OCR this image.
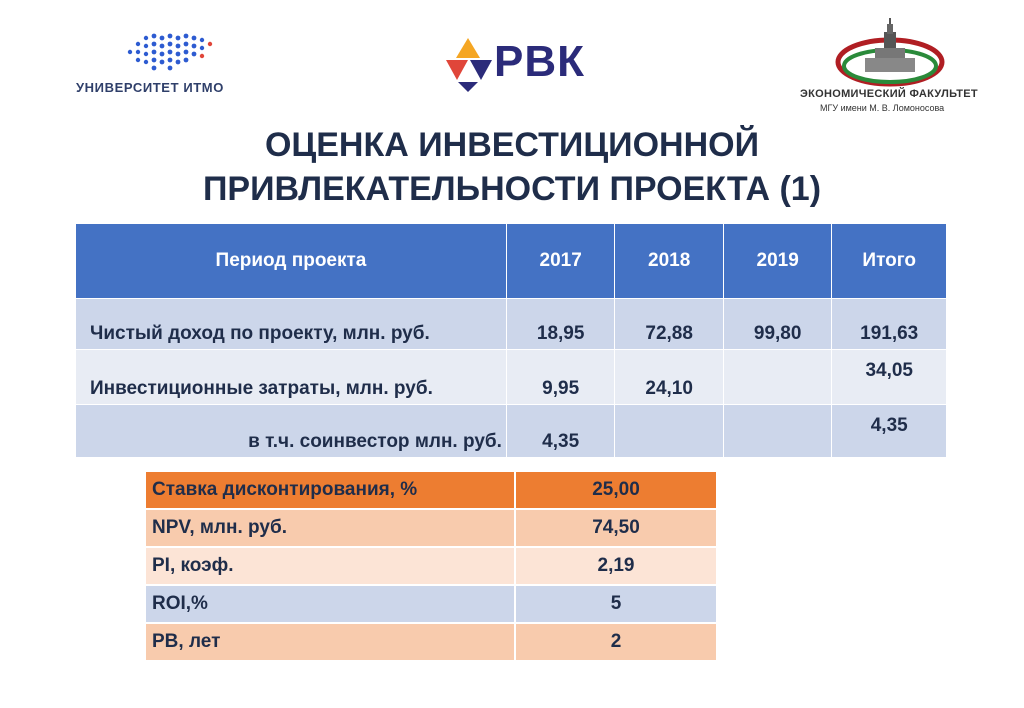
УНИВЕРСИТЕТ ИТМО
РВК
ЭКОНОМИЧЕСКИЙ ФАКУЛЬТЕТ
МГУ имени М. В. Ломоносова
ОЦЕНКА ИНВЕСТИЦИОННОЙ
ПРИВЛЕКАТЕЛЬНОСТИ ПРОЕКТА (1)
Период проекта	2017	2018	2019	Итого
Чистый доход по проекту, млн. руб.	18,95	72,88	99,80	191,63
Инвестиционные затраты, млн. руб.	9,95	24,10		34,05
в т.ч. соинвестор млн. руб.	4,35			4,35
Ставка дисконтирования, %	25,00
NPV, млн. руб.	74,50
PI, коэф.	2,19
ROI,%	5
PB, лет	2
